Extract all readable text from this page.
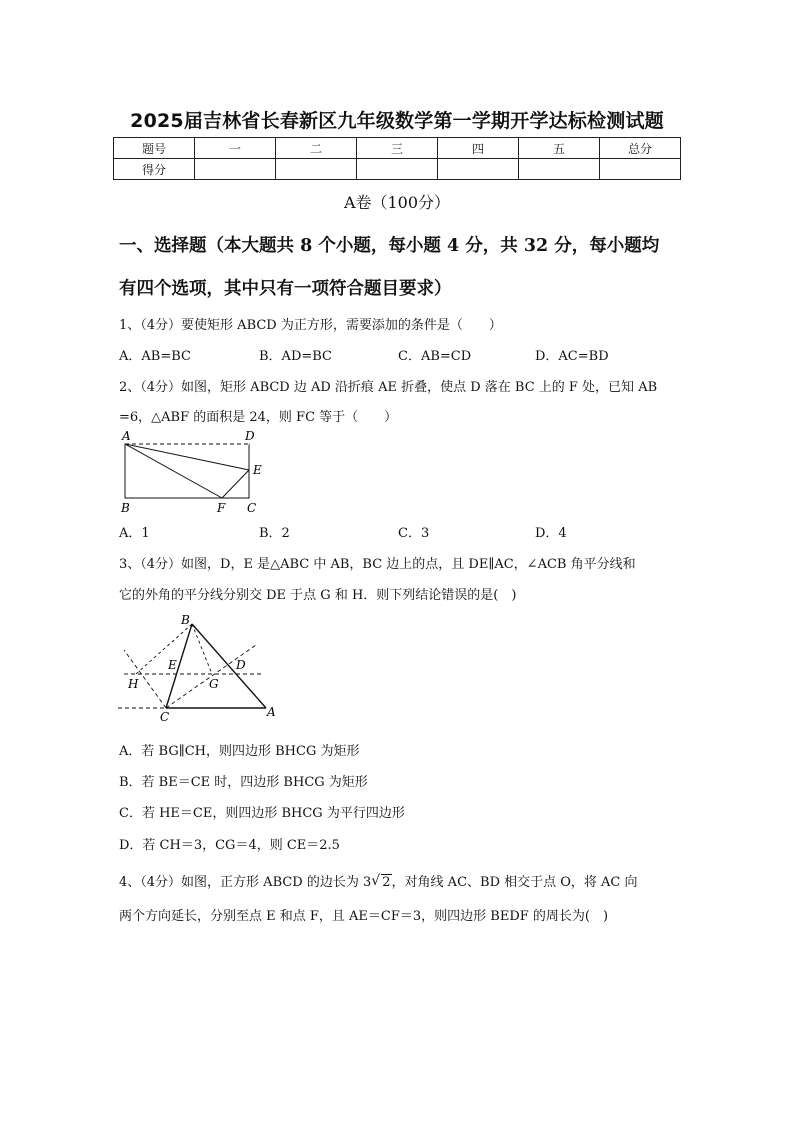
2025届吉林省长春新区九年级数学第一学期开学达标检测试题
题号	一	二	三	四	五	总分
得分						
A卷（100分）
一、选择题（本大题共 8 个小题，每小题 4 分，共 32 分，每小题均
有四个选项，其中只有一项符合题目要求）
1、（4分）要使矩形 ABCD 为正方形，需要添加的条件是（　　）
A．AB=BC	B．AD=BC	C．AB=CD	D．AC=BD
2、（4分）如图，矩形 ABCD 边 AD 沿折痕 AE 折叠，使点 D 落在 BC 上的 F 处，已知 AB
=6，△ABF 的面积是 24，则 FC 等于（　　）
A	D
E
B	F C
A．1	B．2	C．3	D．4
3、（4分）如图，D，E 是△ABC 中 AB，BC 边上的点，且 DE∥AC，∠ACB 角平分线和
它的外角的平分线分别交 DE 于点 G 和 H．则下列结论错误的是(　)
B
E	D
H	G
C	A
A．若 BG∥CH，则四边形 BHCG 为矩形
B．若 BE＝CE 时，四边形 BHCG 为矩形
C．若 HE＝CE，则四边形 BHCG 为平行四边形
D．若 CH＝3，CG＝4，则 CE＝2.5
4、（4分）如图，正方形 ABCD 的边长为 3 √ 2，对角线 AC、BD 相交于点 O，将 AC 向
两个方向延长，分别至点 E 和点 F，且 AE＝CF＝3，则四边形 BEDF 的周长为(　)
